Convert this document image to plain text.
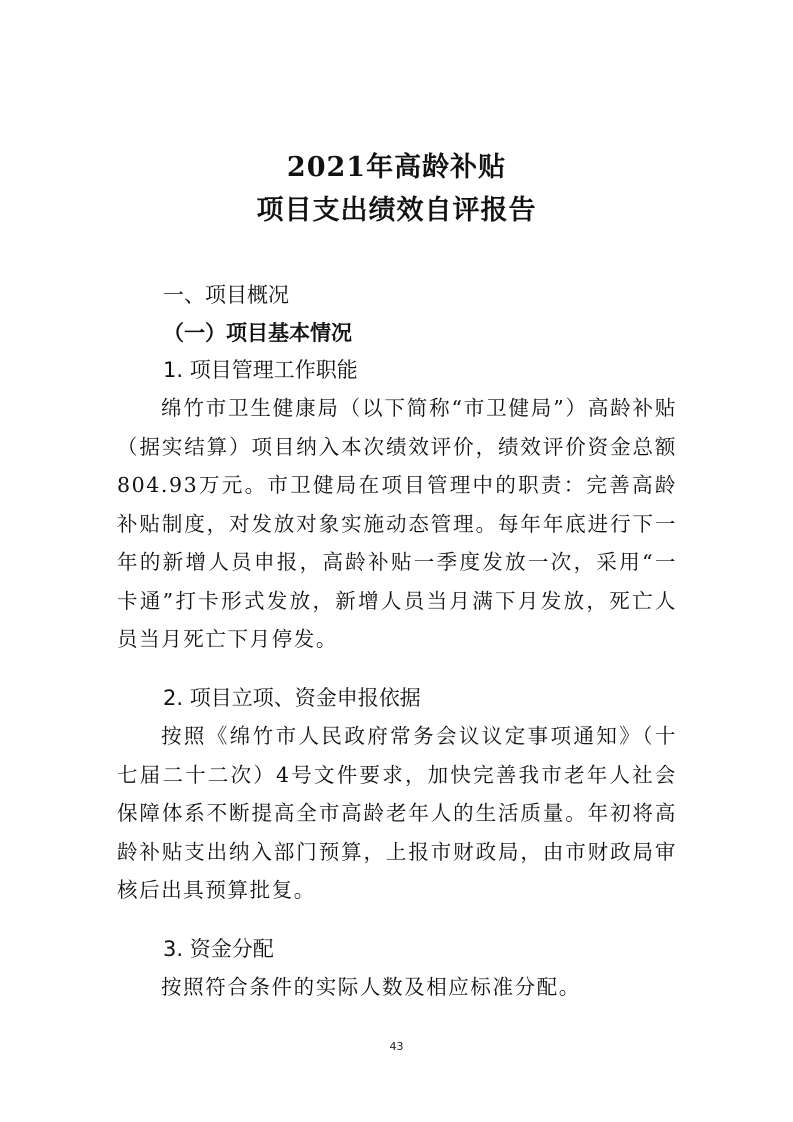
2021年高龄补贴
项目支出绩效自评报告
一、项目概况
（一）项目基本情况
1. 项目管理工作职能

绵竹市卫生健康局（以下简称“市卫健局”）高龄补贴（据实结算）项目纳入本次绩效评价，绩效评价资金总额804.93万元。市卫健局在项目管理中的职责：完善高龄补贴制度，对发放对象实施动态管理。每年年底进行下一年的新增人员申报，高龄补贴一季度发放一次，采用“一卡通”打卡形式发放，新增人员当月满下月发放，死亡人员当月死亡下月停发。

2. 项目立项、资金申报依据

按照《绵竹市人民政府常务会议议定事项通知》（十七届二十二次）4号文件要求，加快完善我市老年人社会保障体系不断提高全市高龄老年人的生活质量。年初将高龄补贴支出纳入部门预算，上报市财政局，由市财政局审核后出具预算批复。

3. 资金分配

按照符合条件的实际人数及相应标准分配。

43
